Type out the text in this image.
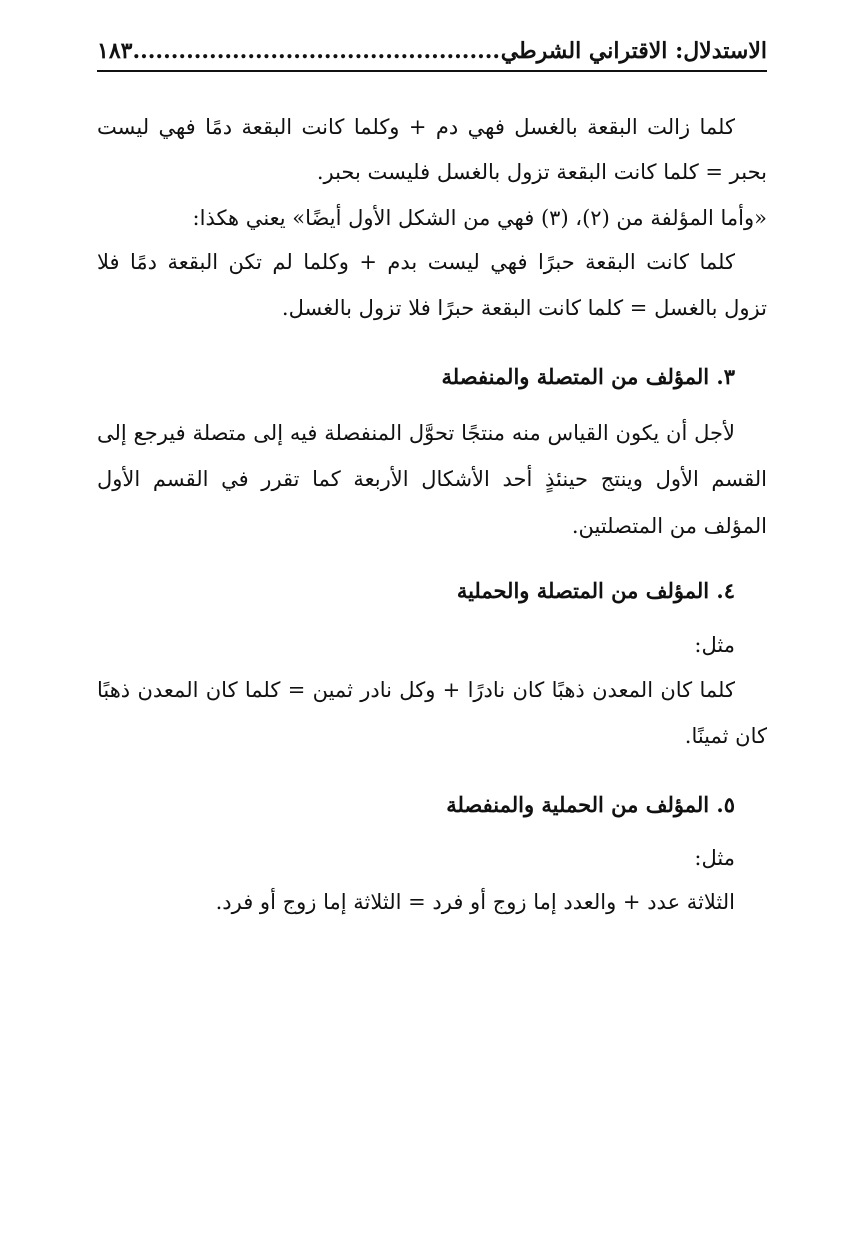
الاستدلال: الاقتراني الشرطي
................................................١٨٣
كلما زالت البقعة بالغسل فهي دم + وكلما كانت البقعة دمًا فهي ليست
بحبر = كلما كانت البقعة تزول بالغسل فليست بحبر.
«وأما المؤلفة من (٢)، (٣) فهي من الشكل الأول أيضًا» يعني هكذا:
كلما كانت البقعة حبرًا فهي ليست بدم + وكلما لم تكن البقعة دمًا فلا
تزول بالغسل = كلما كانت البقعة حبرًا فلا تزول بالغسل.
٣. المؤلف من المتصلة والمنفصلة
لأجل أن يكون القياس منه منتجًا تحوَّل المنفصلة فيه إلى متصلة فيرجع إلى
القسم الأول وينتج حينئذٍ أحد الأشكال الأربعة كما تقرر في القسم الأول
المؤلف من المتصلتين.
٤. المؤلف من المتصلة والحملية
مثل:
كلما كان المعدن ذهبًا كان نادرًا + وكل نادر ثمين = كلما كان المعدن ذهبًا
كان ثمينًا.
٥. المؤلف من الحملية والمنفصلة
مثل:
الثلاثة عدد + والعدد إما زوج أو فرد = الثلاثة إما زوج أو فرد.
